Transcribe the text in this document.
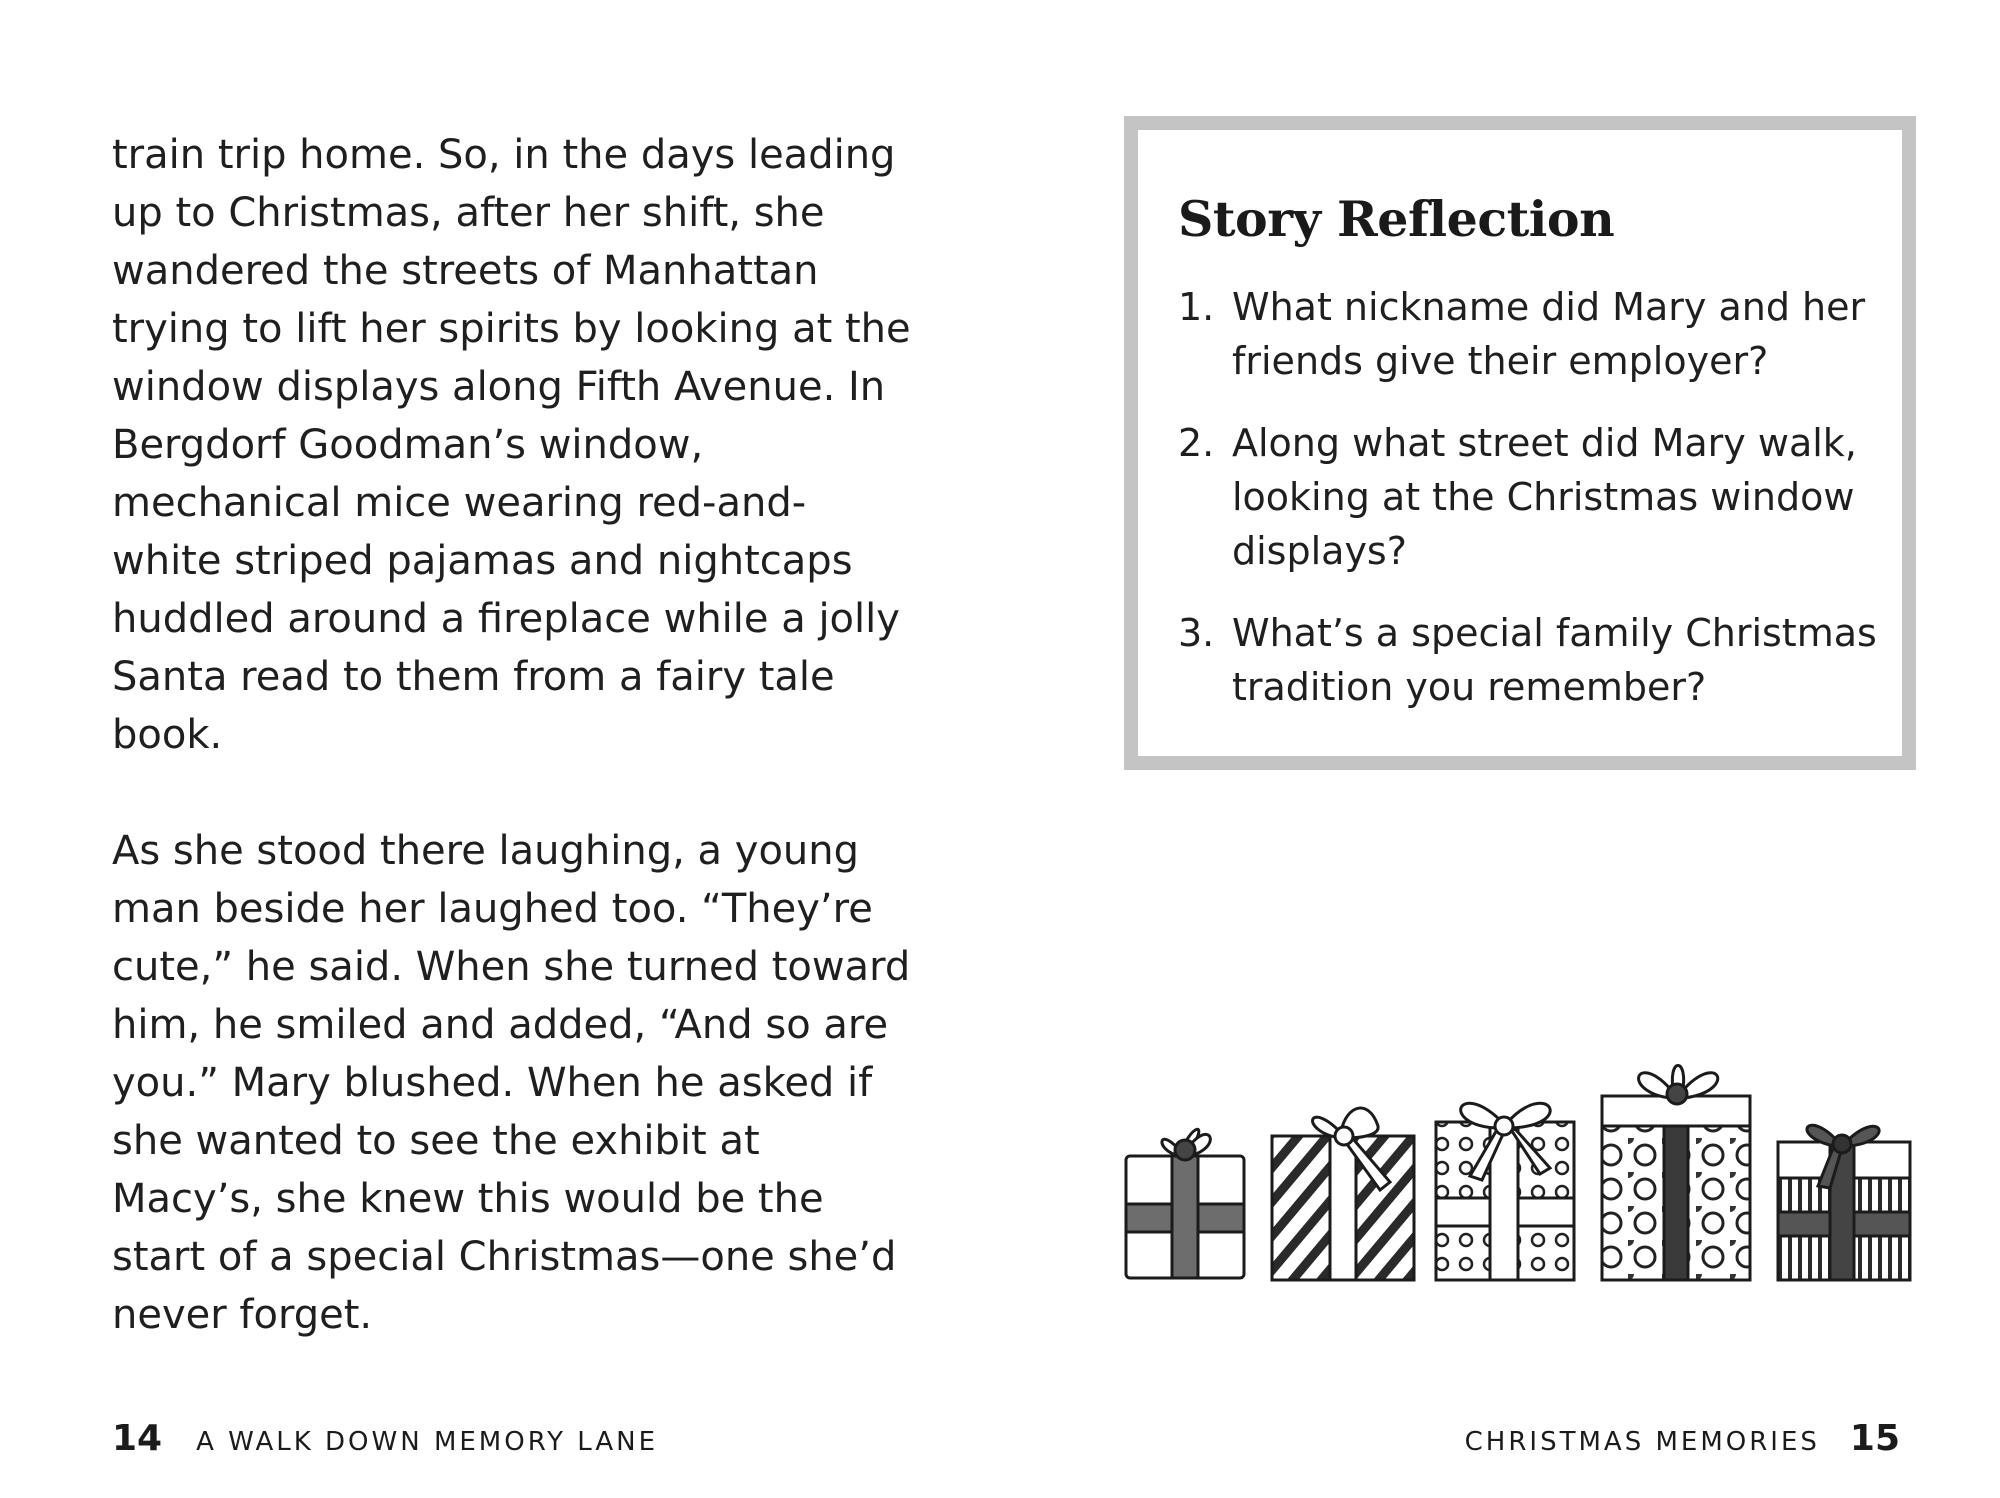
train trip home. So, in the days leading up to Christmas, after her shift, she wandered the streets of Manhattan trying to lift her spirits by looking at the window displays along Fifth Avenue. In Bergdorf Goodman’s window, mechanical mice wearing red-and-white striped pajamas and nightcaps huddled around a fireplace while a jolly Santa read to them from a fairy tale book.

As she stood there laughing, a young man beside her laughed too. “They’re cute,” he said. When she turned toward him, he smiled and added, “And so are you.” Mary blushed. When he asked if she wanted to see the exhibit at Macy’s, she knew this would be the start of a special Christmas—one she’d never forget.

Story Reflection
1. What nickname did Mary and her friends give their employer?
2. Along what street did Mary walk, looking at the Christmas window displays?
3. What’s a special family Christmas tradition you remember?
14 A WALK DOWN MEMORY LANE	CHRISTMAS MEMORIES 15
